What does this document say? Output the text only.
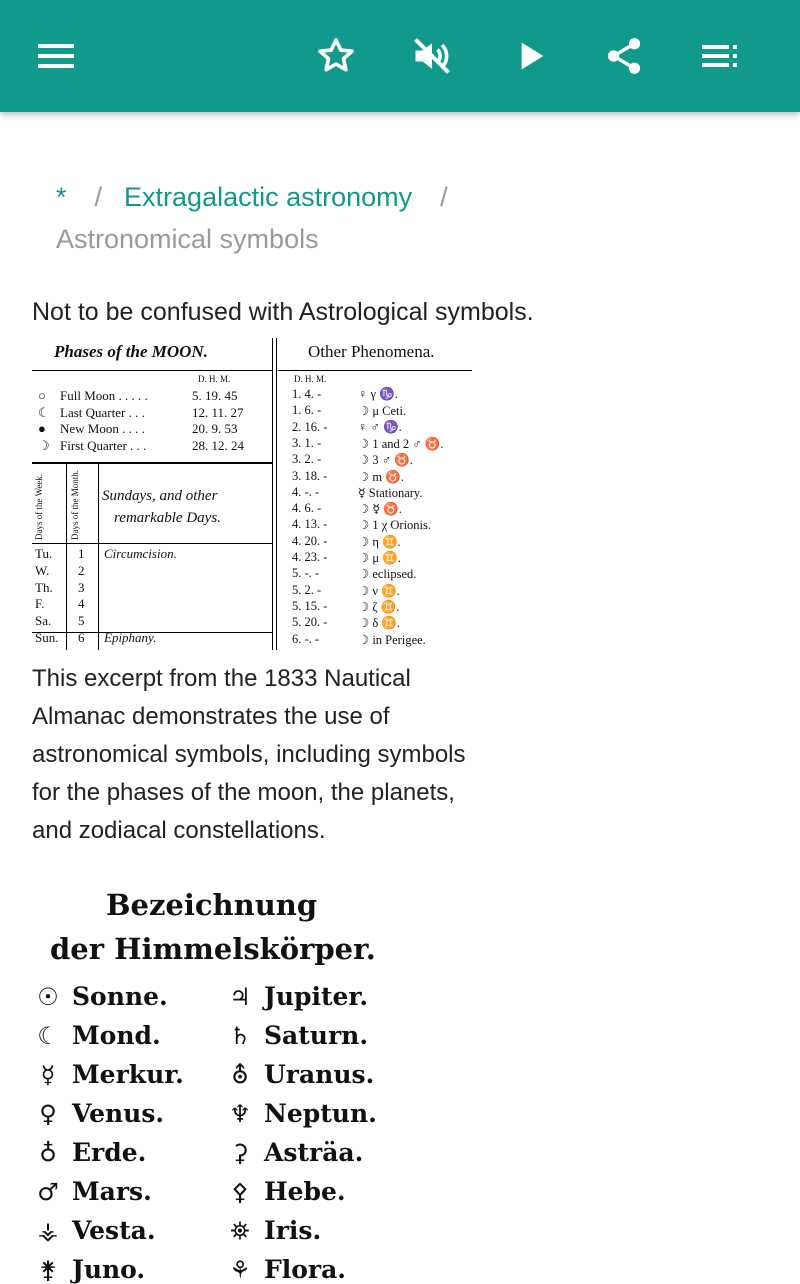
* / Extragalactic astronomy /
Astronomical symbols
Not to be confused with Astrological symbols.
Phases of the MOON.
D. H. M.
○ Full Moon . . . . .	5. 19. 45
☾ Last Quarter . . .	12. 11. 27
● New Moon . . . .	20. 9. 53
☽ First Quarter . . .	28. 12. 24
Days of the Week.	Days of the Month. Sundays, and other
remarkable Days.
Tu. 1 Circumcision.
W. 2
Th. 3
F.	4
Sa. 5
Sun. 6 Epiphany.
Other Phenomena.
D. H. M.
1. 4. -	♀ γ ♑.
1. 6. -	☽ μ Ceti.
2. 16. - ♀ ♂ ♑.
3. 1. -	☽ 1 and 2 ♂ ♉.
3. 2. -	☽ 3 ♂ ♉.
3. 18. - ☽ m ♉.
4. -. -	☿ Stationary.
4. 6. -	☽ ☿ ♉.
4. 13. - ☽ 1 χ Orionis.
4. 20. - ☽ η ♊.
4. 23. - ☽ μ ♊.
5. -. -	☽ eclipsed.
5. 2. -	☽ ν ♊.
5. 15. - ☽ ζ ♊.
5. 20. - ☽ δ ♊.
6. -. -	☽ in Perigee.
This excerpt from the 1833 Nautical Almanac demonstrates the use of astronomical symbols, including symbols for the phases of the moon, the planets, and zodiacal constellations.
Bezeichnung
der Himmelskörper.
☉ Sonne.
☾ Mond.
☿ Merkur.
♀ Venus.
♁ Erde.
♂ Mars.
⚶ Vesta.
⚵ Juno.
♃ Jupiter.
♄ Saturn.
⛢ Uranus.
♆ Neptun.
⚳ Asträa.
⚴ Hebe.
⛯ Iris.
⚘ Flora.
